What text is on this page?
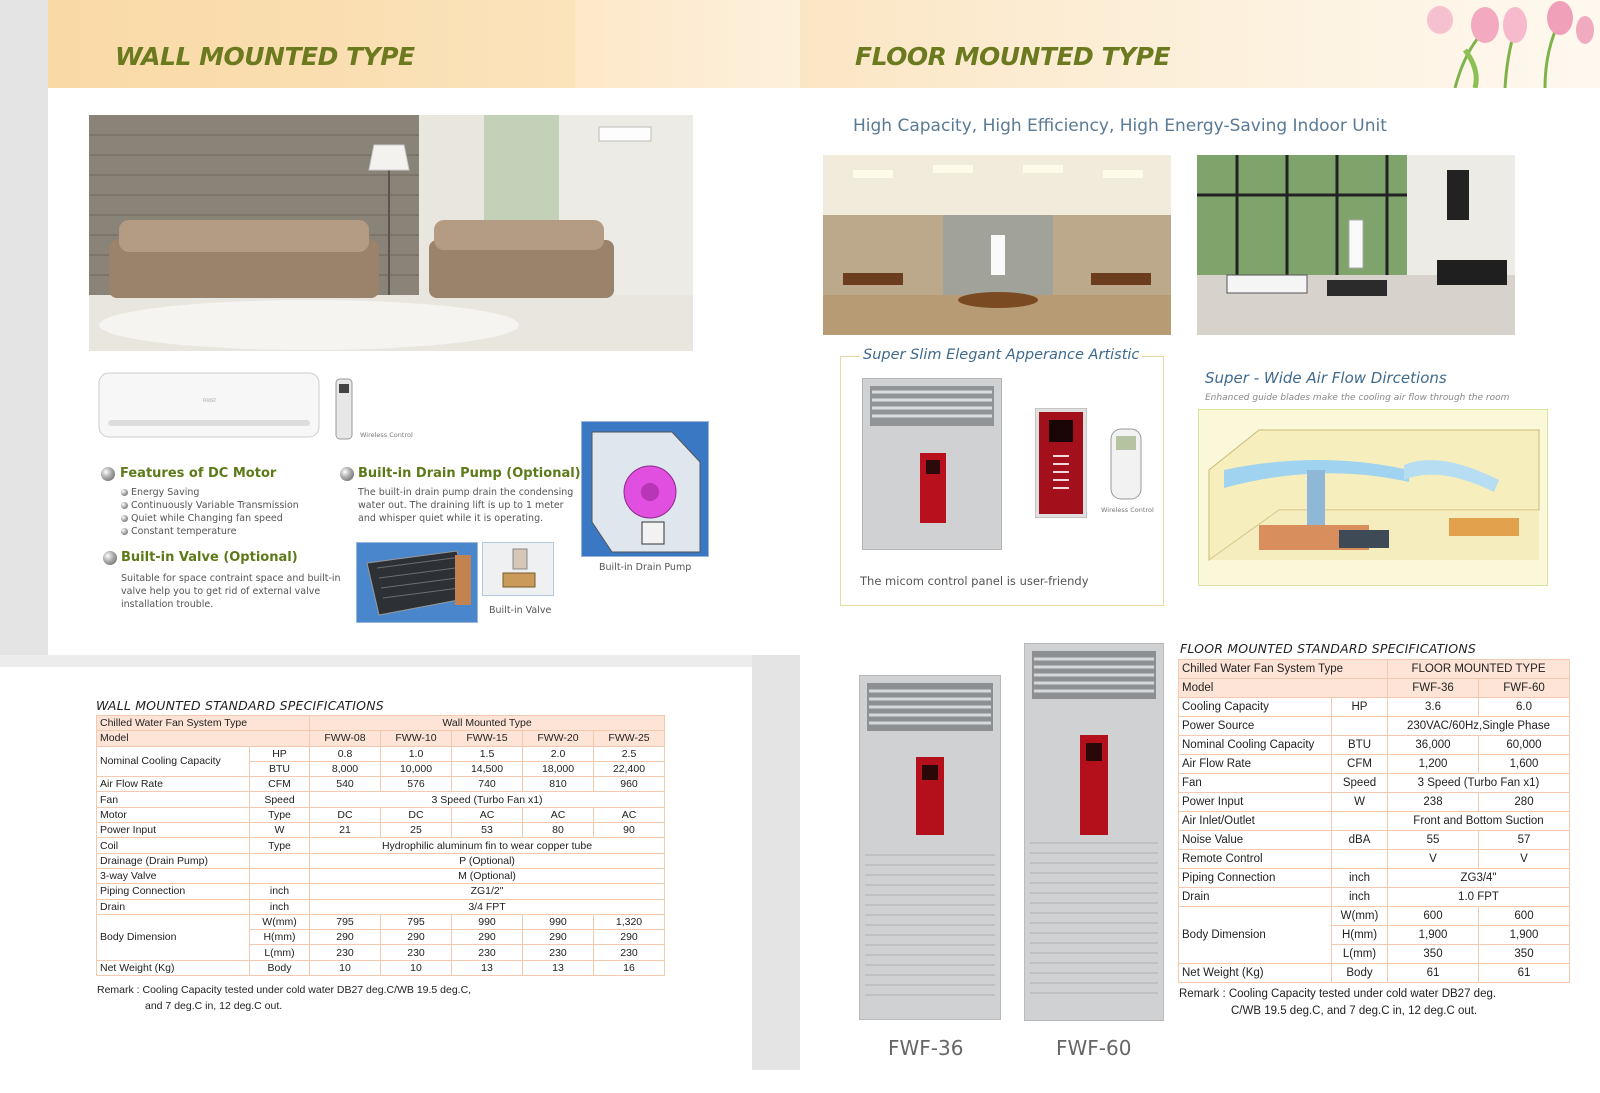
WALL MOUNTED TYPE	FLOOR MOUNTED TYPE
FROST
Wireless Control
Features of DC Motor
Energy Saving
Continuously Variable Transmission
Quiet while Changing fan speed
Constant temperature
Built-in Drain Pump (Optional)
The built-in drain pump drain the condensing
water out. The draining lift is up to 1 meter
and whisper quiet while it is operating.
Built-in Valve (Optional)
Suitable for space contraint space and built-in
valve help you to get rid of external valve
installation trouble.
Built-in Drain Pump
Built-in Valve
WALL MOUNTED STANDARD SPECIFICATIONS
Chilled Water Fan System Type		Wall Mounted Type				
Model		FWW-08	FWW-10	FWW-15	FWW-20	FWW-25
Nominal Cooling Capacity	HP	0.8	1.0	1.5	2.0	2.5
	BTU	8,000	10,000	14,500	18,000	22,400
Air Flow Rate	CFM	540	576	740	810	960
Fan	Speed	3 Speed (Turbo Fan x1)				
Motor	Type	DC	DC	AC	AC	AC
Power Input	W	21	25	53	80	90
Coil	Type	Hydrophilic aluminum fin to wear copper tube				
Drainage (Drain Pump)		P (Optional)				
3-way Valve		M (Optional)				
Piping Connection	inch	ZG1/2"				
Drain	inch	3/4 FPT				
Body Dimension	W(mm)	795	795	990	990	1,320
	H(mm)	290	290	290	290	290
	L(mm)	230	230	230	230	230
Net Weight (Kg)	Body	10	10	13	13	16
Remark : Cooling Capacity tested under cold water DB27 deg.C/WB 19.5 deg.C,
and 7 deg.C in, 12 deg.C out.
High Capacity, High Efficiency, High Energy-Saving Indoor Unit
Super Slim Elegant Apperance Artistic
Wireless Control
The micom control panel is user-friendy
Super - Wide Air Flow Dircetions
Enhanced guide blades make the cooling air flow through the room
FWF-36	FWF-60
FLOOR MOUNTED STANDARD SPECIFICATIONS
Chilled Water Fan System Type		FLOOR MOUNTED TYPE	
Model		FWF-36	FWF-60
Cooling Capacity	HP	3.6	6.0
Power Source		230VAC/60Hz,Single Phase	
Nominal Cooling Capacity	BTU	36,000	60,000
Air Flow Rate	CFM	1,200	1,600
Fan	Speed	3 Speed (Turbo Fan x1)	
Power Input	W	238	280
Air Inlet/Outlet		Front and Bottom Suction	
Noise Value	dBA	55	57
Remote Control		V	V
Piping Connection	inch	ZG3/4"	
Drain	inch	1.0 FPT	
Body Dimension	W(mm)	600	600
	H(mm)	1,900	1,900
	L(mm)	350	350
Net Weight (Kg)	Body	61	61
Remark : Cooling Capacity tested under cold water DB27 deg.
C/WB 19.5 deg.C, and 7 deg.C in, 12 deg.C out.
